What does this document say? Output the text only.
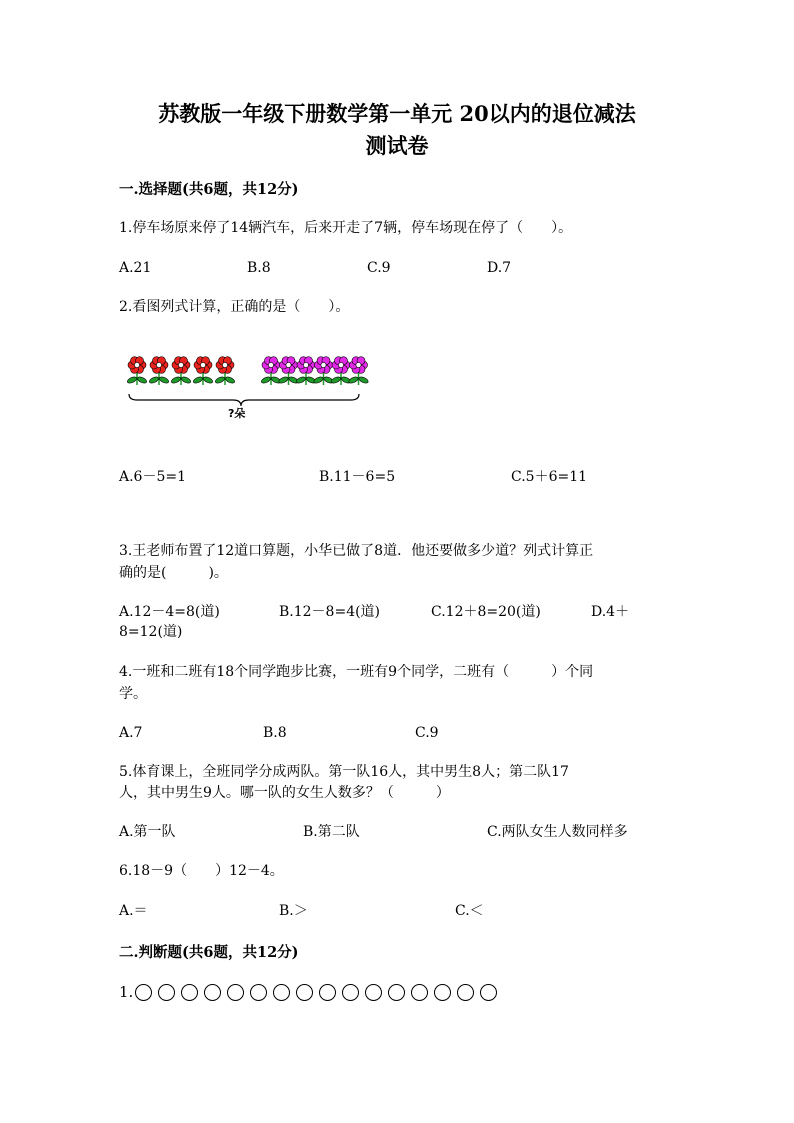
苏教版一年级下册数学第一单元 20以内的退位减法
测试卷
一.选择题(共6题，共12分)
1.停车场原来停了14辆汽车，后来开走了7辆，停车场现在停了（　　）。
A.21	B.8	C.9	D.7
2.看图列式计算，正确的是（　　）。
?朵
A.6－5=1	B.11－6=5	C.5＋6=11
3.王老师布置了12道口算题，小华已做了8道．他还要做多少道？列式计算正
确的是(　　　)。
A.12－4=8(道)	B.12－8=4(道)	C.12＋8=20(道)	D.4＋
8=12(道)
4.一班和二班有18个同学跑步比赛，一班有9个同学，二班有（　　　）个同
学。
A.7	B.8	C.9
5.体育课上，全班同学分成两队。第一队16人，其中男生8人；第二队17
人，其中男生9人。哪一队的女生人数多？（　　　）
A.第一队	B.第二队	C.两队女生人数同样多
6.18－9（　　）12－4。
A.＝	B.＞	C.＜
二.判断题(共6题，共12分)
1.
